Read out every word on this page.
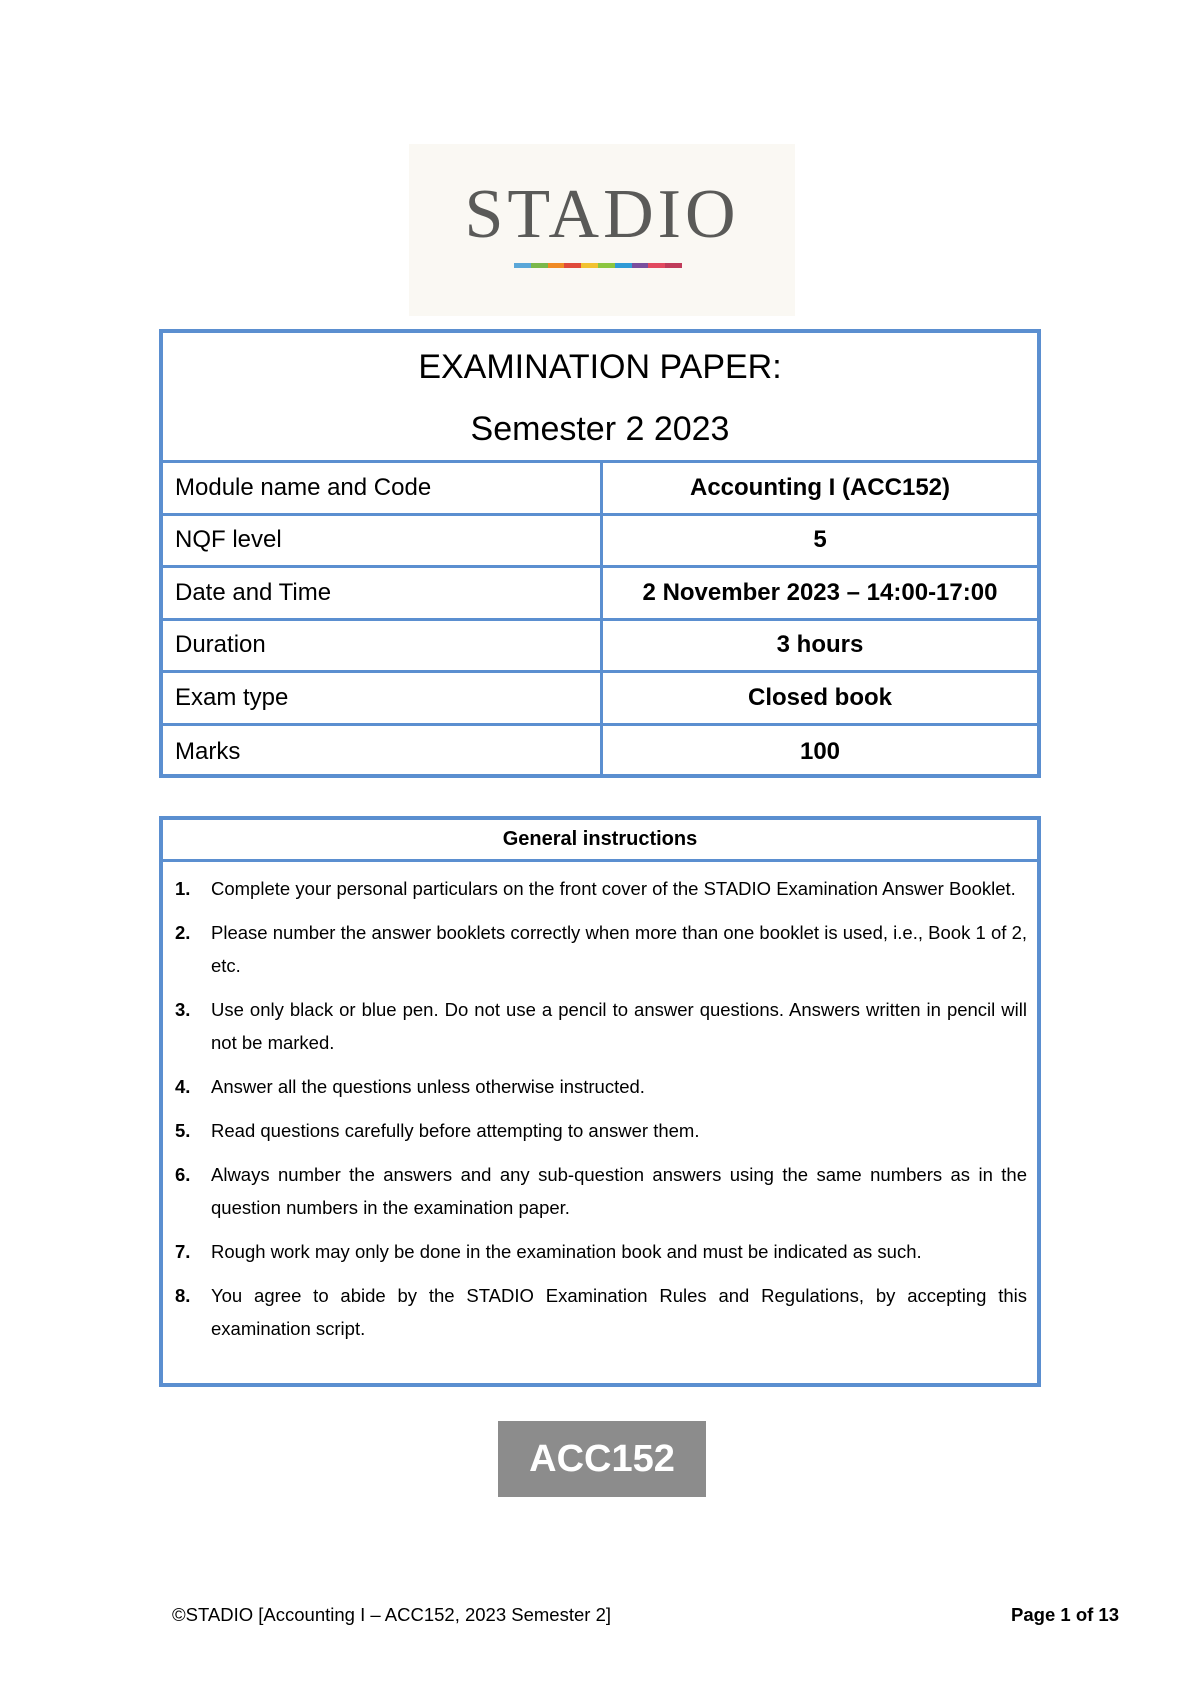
STADIO
EXAMINATION PAPER:
Semester 2 2023
Module name and Code	Accounting I (ACC152)
NQF level	5
Date and Time	2 November 2023 – 14:00-17:00
Duration	3 hours
Exam type	Closed book
Marks	100
General instructions
1.	Complete your personal particulars on the front cover of the STADIO Examination Answer Booklet.
2.	Please number the answer booklets correctly when more than one booklet is used, i.e., Book 1 of 2, etc.
3.	Use only black or blue pen. Do not use a pencil to answer questions. Answers written in pencil will not be marked.
4.	Answer all the questions unless otherwise instructed.
5.	Read questions carefully before attempting to answer them.
6.	Always number the answers and any sub-question answers using the same numbers as in the question numbers in the examination paper.
7.	Rough work may only be done in the examination book and must be indicated as such.
8.	You agree to abide by the STADIO Examination Rules and Regulations, by accepting this examination script.
ACC152
©STADIO [Accounting I – ACC152, 2023 Semester 2]	Page 1 of 13
